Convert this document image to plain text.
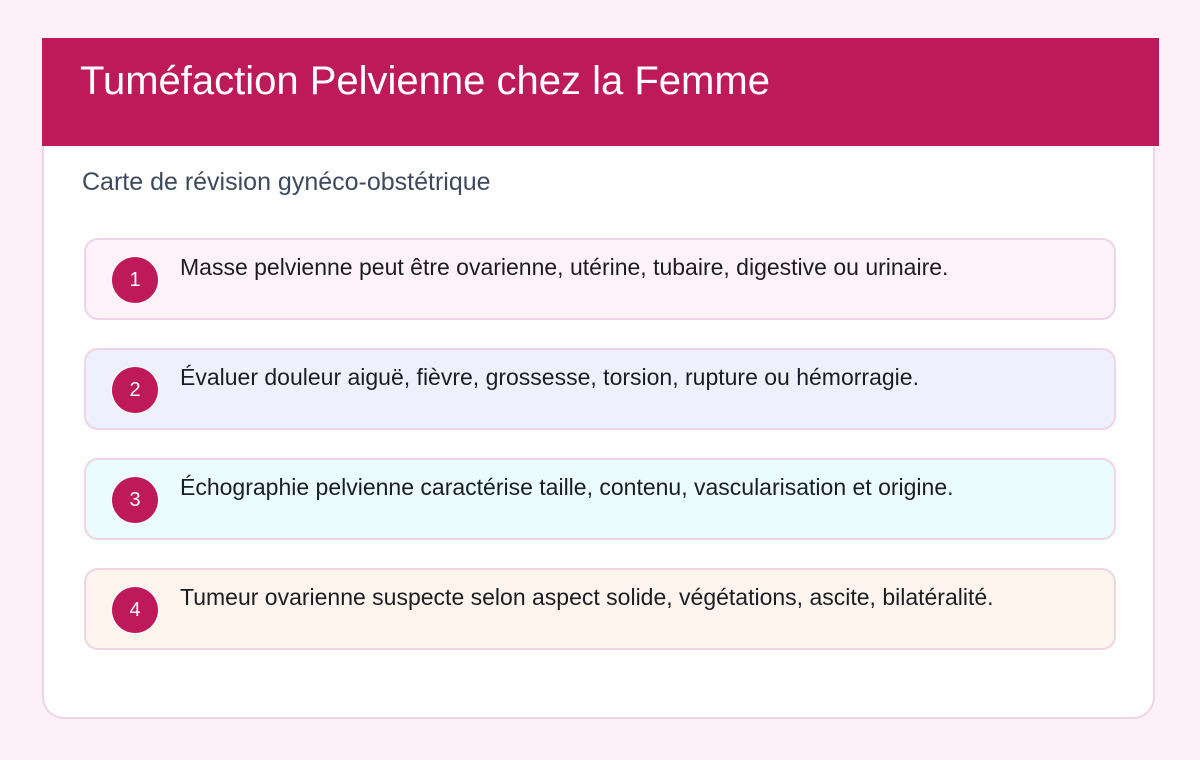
Tuméfaction Pelvienne chez la Femme
Carte de révision gynéco-obstétrique
1	Masse pelvienne peut être ovarienne, utérine, tubaire, digestive ou urinaire.
2	Évaluer douleur aiguë, fièvre, grossesse, torsion, rupture ou hémorragie.
3	Échographie pelvienne caractérise taille, contenu, vascularisation et origine.
4	Tumeur ovarienne suspecte selon aspect solide, végétations, ascite, bilatéralité.
